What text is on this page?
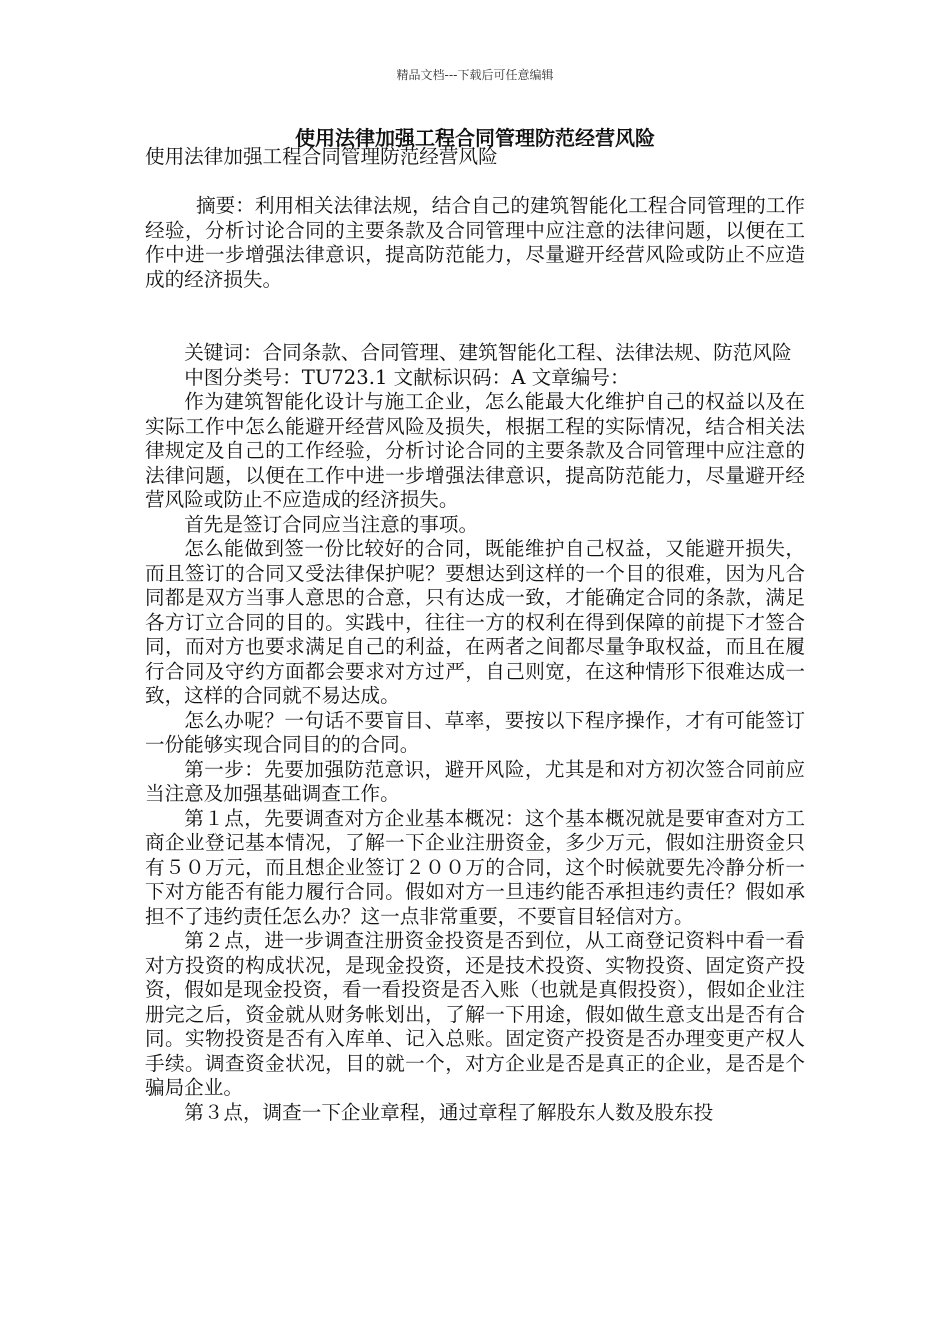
精品文档---下载后可任意编辑
使用法律加强工程合同管理防范经营风险

使用法律加强工程合同管理防范经营风险

摘要：利用相关法律法规，结合自己的建筑智能化工程合同管理的工作经验，分析讨论合同的主要条款及合同管理中应注意的法律问题，以便在工作中进一步增强法律意识，提高防范能力，尽量避开经营风险或防止不应造成的经济损失。

关键词：合同条款、合同管理、建筑智能化工程、法律法规、防范风险

中图分类号：TU723.1 文献标识码：A 文章编号：

作为建筑智能化设计与施工企业，怎么能最大化维护自己的权益以及在实际工作中怎么能避开经营风险及损失，根据工程的实际情况，结合相关法律规定及自己的工作经验，分析讨论合同的主要条款及合同管理中应注意的法律问题，以便在工作中进一步增强法律意识，提高防范能力，尽量避开经营风险或防止不应造成的经济损失。

首先是签订合同应当注意的事项。

怎么能做到签一份比较好的合同，既能维护自己权益，又能避开损失，而且签订的合同又受法律保护呢？要想达到这样的一个目的很难，因为凡合同都是双方当事人意思的合意，只有达成一致，才能确定合同的条款，满足各方订立合同的目的。实践中，往往一方的权利在得到保障的前提下才签合同，而对方也要求满足自己的利益，在两者之间都尽量争取权益，而且在履行合同及守约方面都会要求对方过严，自己则宽，在这种情形下很难达成一致，这样的合同就不易达成。

怎么办呢？一句话不要盲目、草率，要按以下程序操作，才有可能签订一份能够实现合同目的的合同。

第一步：先要加强防范意识，避开风险，尤其是和对方初次签合同前应当注意及加强基础调查工作。

第１点，先要调查对方企业基本概况：这个基本概况就是要审查对方工商企业登记基本情况，了解一下企业注册资金，多少万元，假如注册资金只有５０万元，而且想企业签订２００万的合同，这个时候就要先冷静分析一下对方能否有能力履行合同。假如对方一旦违约能否承担违约责任？假如承担不了违约责任怎么办？这一点非常重要，不要盲目轻信对方。

第２点，进一步调查注册资金投资是否到位，从工商登记资料中看一看对方投资的构成状况，是现金投资，还是技术投资、实物投资、固定资产投资，假如是现金投资，看一看投资是否入账（也就是真假投资），假如企业注册完之后，资金就从财务帐划出，了解一下用途，假如做生意支出是否有合同。实物投资是否有入库单、记入总账。固定资产投资是否办理变更产权人手续。调查资金状况，目的就一个，对方企业是否是真正的企业，是否是个骗局企业。

第３点，调查一下企业章程，通过章程了解股东人数及股东投
